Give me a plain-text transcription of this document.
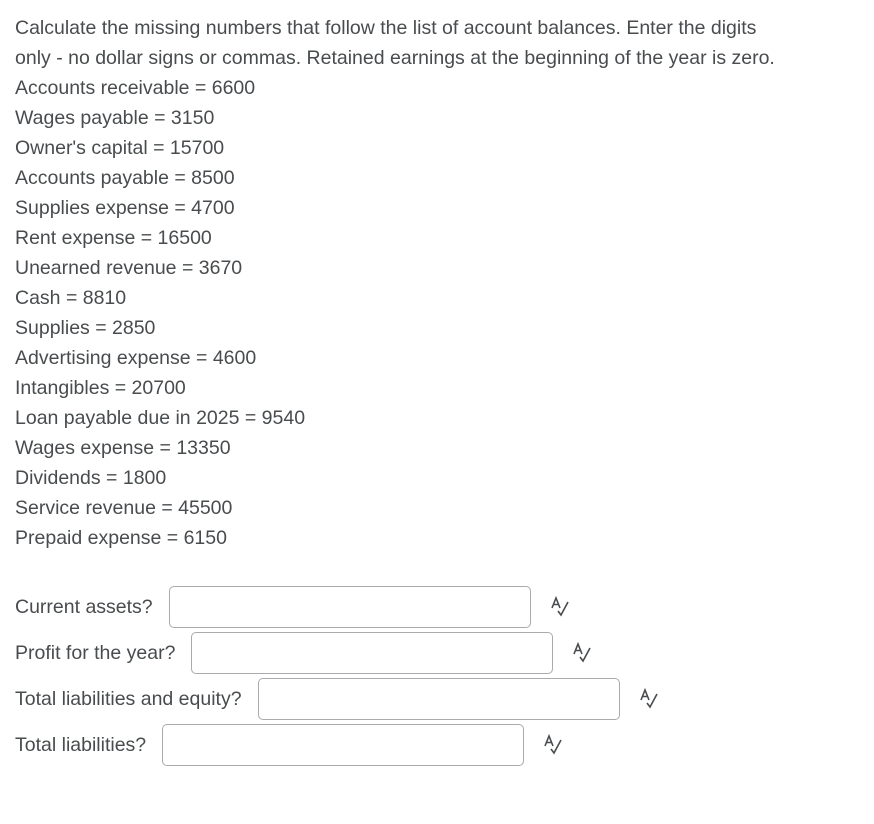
Calculate the missing numbers that follow the list of account balances. Enter the digits only - no dollar signs or commas. Retained earnings at the beginning of the year is zero.
Accounts receivable = 6600
Wages payable = 3150
Owner's capital = 15700
Accounts payable = 8500
Supplies expense = 4700
Rent expense = 16500
Unearned revenue = 3670
Cash = 8810
Supplies = 2850
Advertising expense = 4600
Intangibles = 20700
Loan payable due in 2025 = 9540
Wages expense = 13350
Dividends = 1800
Service revenue = 45500
Prepaid expense = 6150
Current assets?
Profit for the year?
Total liabilities and equity?
Total liabilities?
